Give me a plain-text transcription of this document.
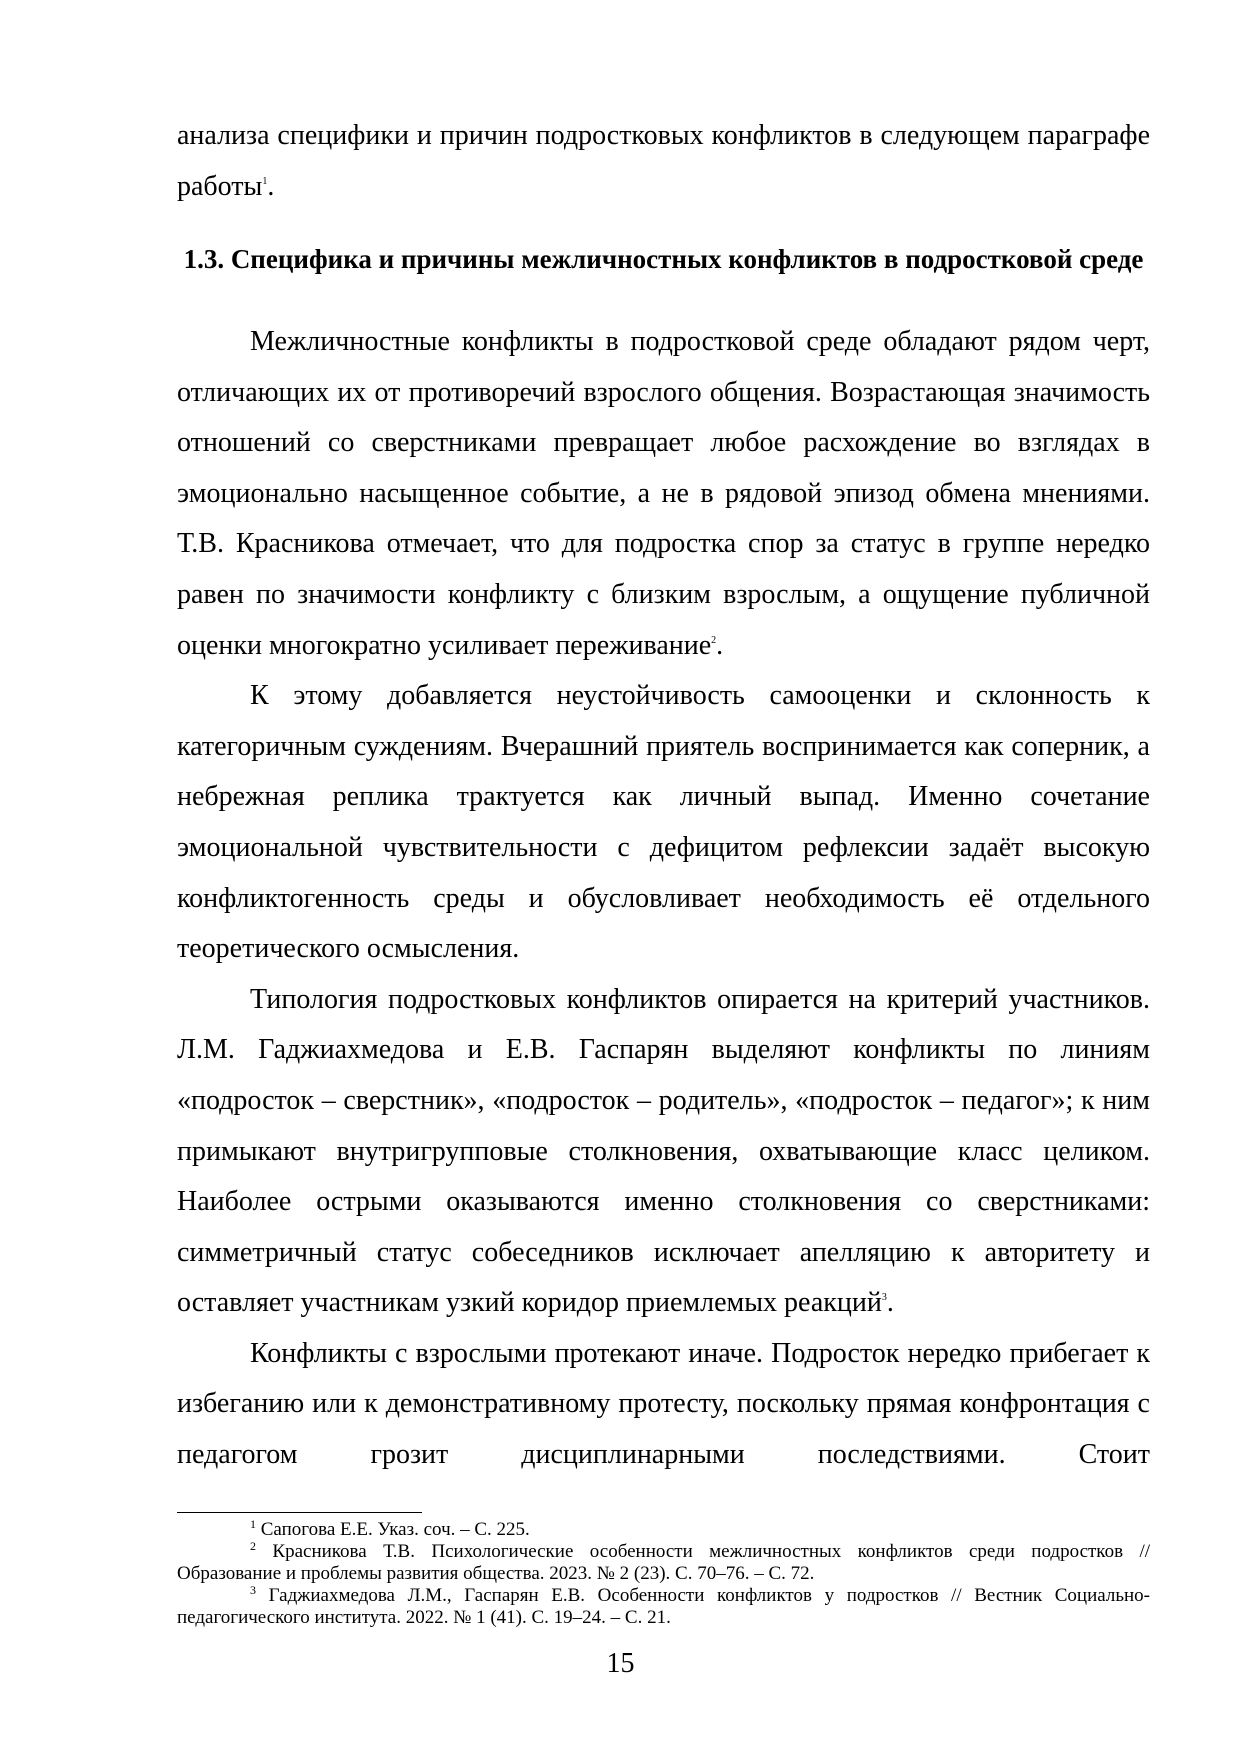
анализа специфики и причин подростковых конфликтов в следующем параграфе работы$^1$.

1.3. Специфика и причины межличностных конфликтов в подростковой среде

Межличностные конфликты в подростковой среде обладают рядом черт, отличающих их от противоречий взрослого общения. Возрастающая значимость отношений со сверстниками превращает любое расхождение во взглядах в эмоционально насыщенное событие, а не в рядовой эпизод обмена мнениями. Т.В. Красникова отмечает, что для подростка спор за статус в группе нередко равен по значимости конфликту с близким взрослым, а ощущение публичной оценки многократно усиливает переживание$^2$.

К этому добавляется неустойчивость самооценки и склонность к категоричным суждениям. Вчерашний приятель воспринимается как соперник, а небрежная реплика трактуется как личный выпад. Именно сочетание эмоциональной чувствительности с дефицитом рефлексии задаёт высокую конфликтогенность среды и обусловливает необходимость её отдельного теоретического осмысления.

Типология подростковых конфликтов опирается на критерий участников. Л.М. Гаджиахмедова и Е.В. Гаспарян выделяют конфликты по линиям «подросток – сверстник», «подросток – родитель», «подросток – педагог»; к ним примыкают внутригрупповые столкновения, охватывающие класс целиком. Наиболее острыми оказываются именно столкновения со сверстниками: симметричный статус собеседников исключает апелляцию к авторитету и оставляет участникам узкий коридор приемлемых реакций$^3$.

Конфликты с взрослыми протекают иначе. Подросток нередко прибегает к избеганию или к демонстративному протесту, поскольку прямая конфронтация с педагогом грозит дисциплинарными последствиями. Стоит

$^1$ Сапогова Е.Е. Указ. соч. – С. 225.

$^2$ Красникова Т.В. Психологические особенности межличностных конфликтов среди подростков // Образование и проблемы развития общества. 2023. № 2 (23). С. 70–76. – С. 72.

$^3$ Гаджиахмедова Л.М., Гаспарян Е.В. Особенности конфликтов у подростков // Вестник Социально-педагогического института. 2022. № 1 (41). С. 19–24. – С. 21.

15
